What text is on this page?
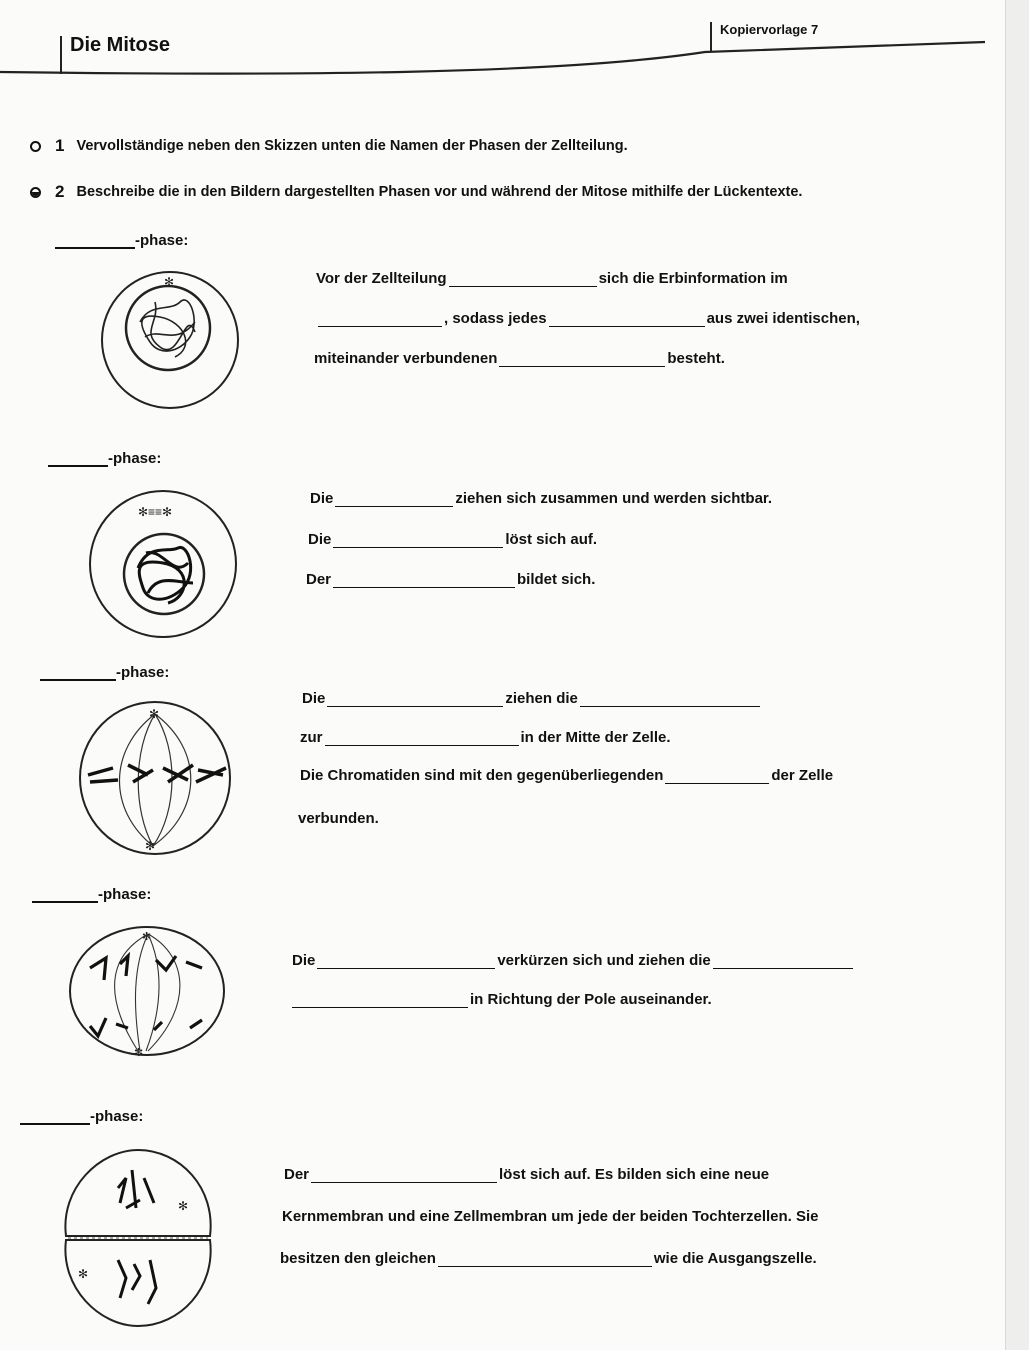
Die Mitose
Kopiervorlage 7
1 Vervollständige neben den Skizzen unten die Namen der Phasen der Zellteilung.
2 Beschreibe die in den Bildern dargestellten Phasen vor und während der Mitose mithilfe der Lückentexte.
-phase:
✻	Vor der Zellteilung	sich die Erbinformation im
, sodass jedes	aus zwei identischen,
miteinander verbundenen	besteht.
-phase:
✻≡≡✻
Die	ziehen sich zusammen und werden sichtbar.
Die	löst sich auf.
Der	bildet sich.
-phase:
✻
✻
Die	ziehen die
zur	in der Mitte der Zelle.
Die Chromatiden sind mit den gegenüberliegenden	der Zelle
verbunden.
-phase:
✻
✻
Die	verkürzen sich und ziehen die
in Richtung der Pole auseinander.
-phase:
✻
✻
Der	löst sich auf. Es bilden sich eine neue
Kernmembran und eine Zellmembran um jede der beiden Tochterzellen. Sie
besitzen den gleichen	wie die Ausgangszelle.
